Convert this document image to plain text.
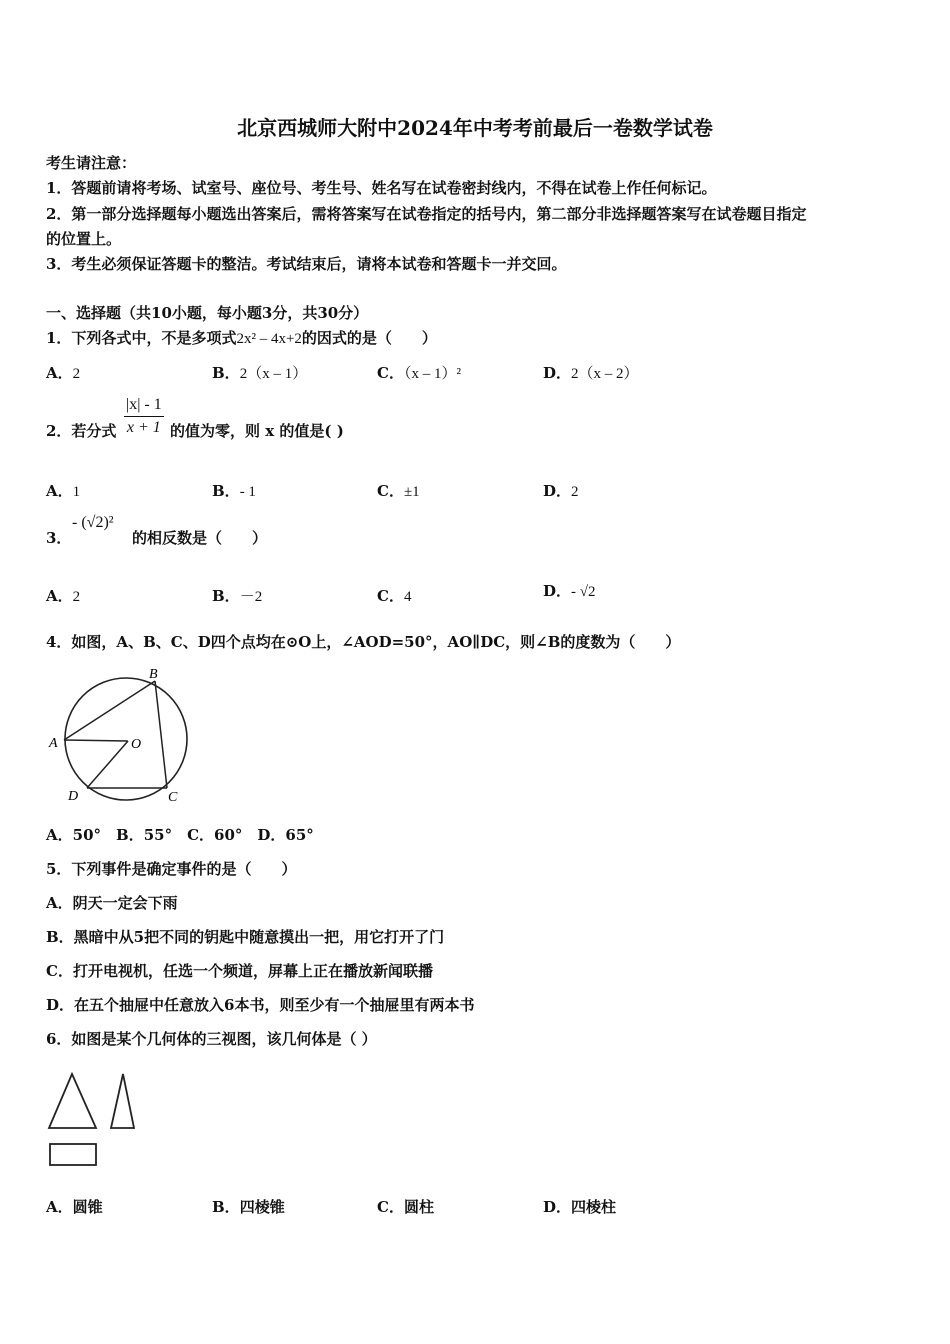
北京西城师大附中2024年中考考前最后一卷数学试卷
考生请注意：
1．答题前请将考场、试室号、座位号、考生号、姓名写在试卷密封线内，不得在试卷上作任何标记。
2．第一部分选择题每小题选出答案后，需将答案写在试卷指定的括号内，第二部分非选择题答案写在试卷题目指定
的位置上。
3．考生必须保证答题卡的整洁。考试结束后，请将本试卷和答题卡一并交回。
一、选择题（共10小题，每小题3分，共30分）
1．下列各式中，不是多项式2x² – 4x+2的因式的是（　　）
A．2	B．2（x – 1）	C．（x – 1）²	D．2（x – 2）
2．若分式 $\frac{|x| - 1}{x + 1}$ 的值为零，则 x 的值是( )
A．1	B．- 1	C．±1	D．2
3．
- (√2)²
的相反数是（　　）
A．2	B．－2	C．4	D．- √2
4．如图，A、B、C、D四个点均在⊙O上，∠AOD=50°，AO∥DC，则∠B的度数为（　　）
B
A	O
D	C
A．50°　B．55°　C．60°　D．65°
5．下列事件是确定事件的是（　　）
A．阴天一定会下雨
B．黑暗中从5把不同的钥匙中随意摸出一把，用它打开了门
C．打开电视机，任选一个频道，屏幕上正在播放新闻联播
D．在五个抽屉中任意放入6本书，则至少有一个抽屉里有两本书
6．如图是某个几何体的三视图，该几何体是（ ）
A．圆锥	B．四棱锥	C．圆柱	D．四棱柱
